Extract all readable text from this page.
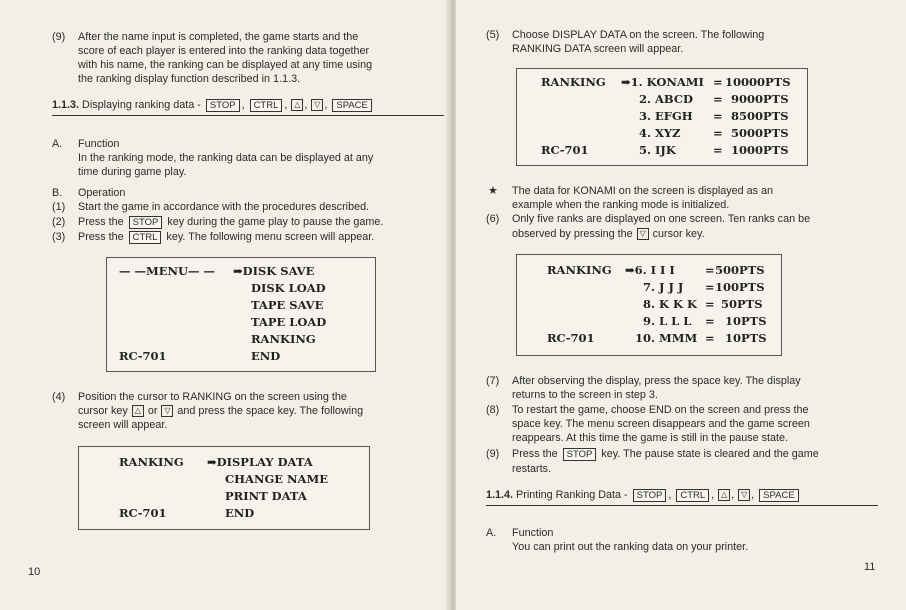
(9) After the name input is completed, the game starts and the
score of each player is entered into the ranking data together
with his name, the ranking can be displayed at any time using
the ranking display function described in 1.1.3.
1.1.3. Displaying ranking data - STOP , CTRL , △ , ▽ , SPACE
A. Function
In the ranking mode, the ranking data can be displayed at any
time during game play.
B. Operation
(1) Start the game in accordance with the procedures described.
(2) Press the STOP key during the game play to pause the game.
(3) Press the CTRL key. The following menu screen will appear.
— —MENU— — ➡DISK SAVE
DISK LOAD
TAPE SAVE
TAPE LOAD
RANKING
RC-701	END
(4) Position the cursor to RANKING on the screen using the
cursor key △ or ▽ and press the space key. The following
screen will appear.
RANKING ➡DISPLAY DATA
CHANGE NAME
PRINT DATA
RC-701	END
10
(5) Choose DISPLAY DATA on the screen. The following
RANKING DATA screen will appear.
RANKING ➡1. KONAMI = 10000PTS
2. ABCD = 9000PTS
3. EFGH = 8500PTS
4. XYZ	= 5000PTS
RC-701	5. IJK	= 1000PTS
★ The data for KONAMI on the screen is displayed as an
example when the ranking mode is initialized.
(6) Only five ranks are displayed on one screen. Ten ranks can be
observed by pressing the ▽ cursor key.
RANKING ➡6. I I I	= 500PTS
7. J J J = 100PTS
8. K K K = 50PTS
9. L L L = 10PTS
RC-701	10. MMM = 10PTS
(7) After observing the display, press the space key. The display
returns to the screen in step 3.
(8) To restart the game, choose END on the screen and press the
space key. The menu screen disappears and the game screen
reappears. At this time the game is still in the pause state.
(9) Press the STOP key. The pause state is cleared and the game
restarts.
1.1.4. Printing Ranking Data - STOP , CTRL , △ , ▽ , SPACE
A. Function
You can print out the ranking data on your printer.
11
